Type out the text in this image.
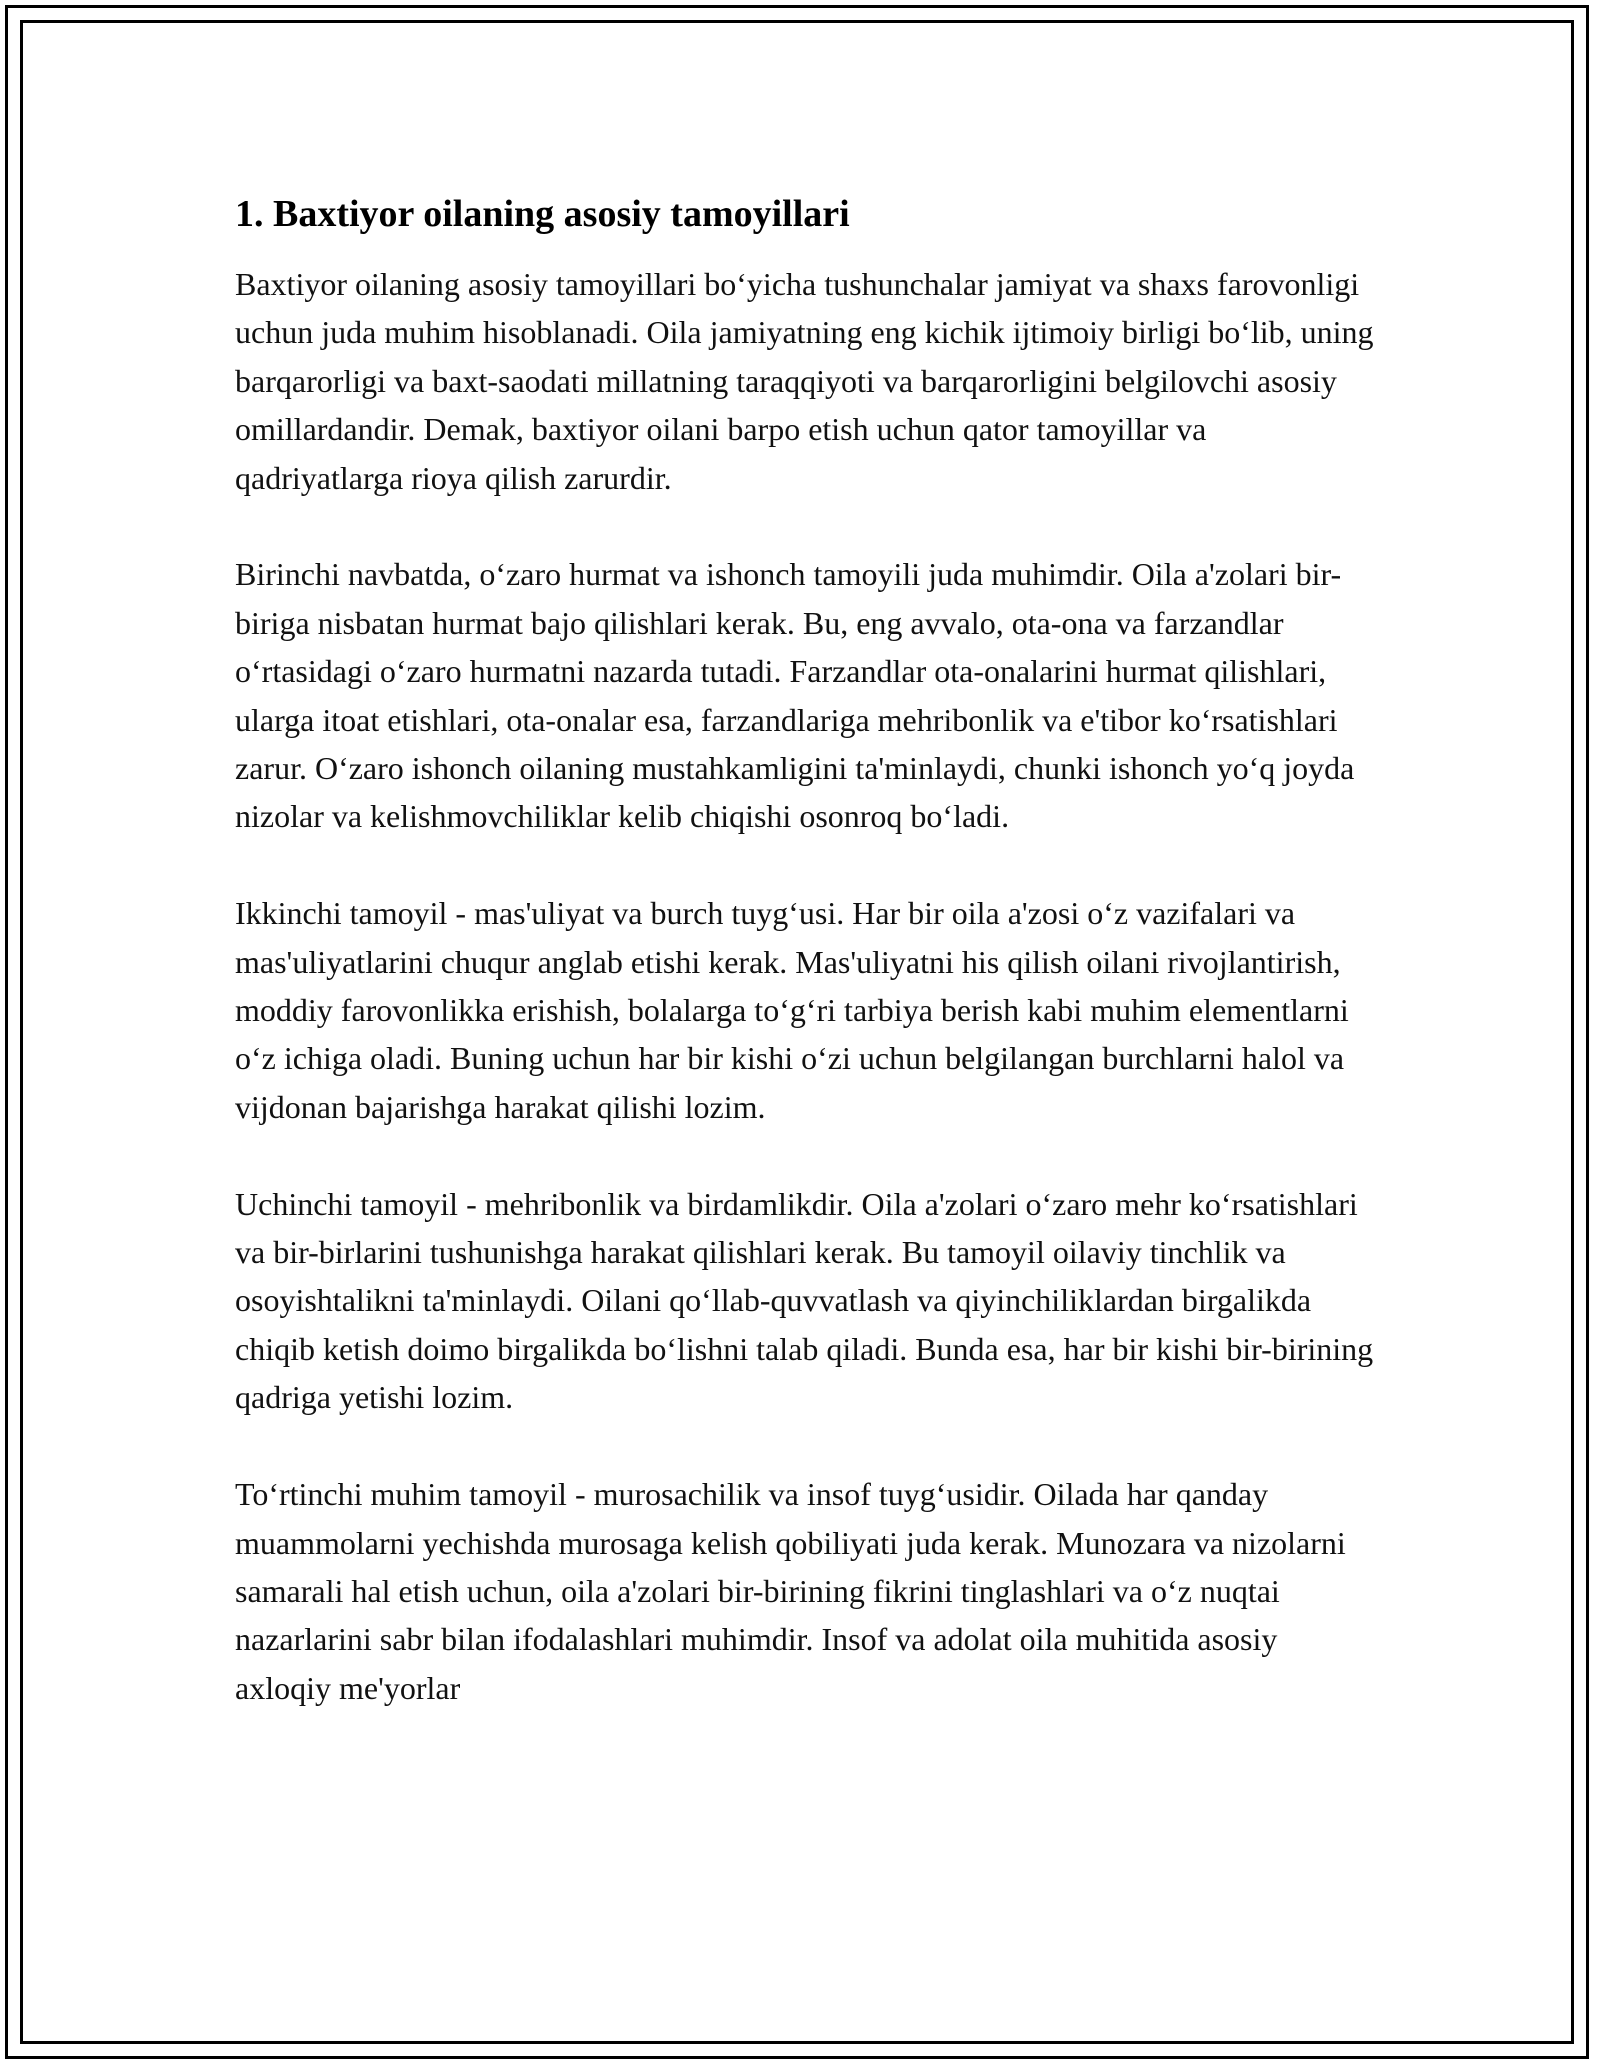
1. Baxtiyor oilaning asosiy tamoyillari

Baxtiyor oilaning asosiy tamoyillari bo‘yicha tushunchalar jamiyat va shaxs farovonligi uchun juda muhim hisoblanadi. Oila jamiyatning eng kichik ijtimoiy birligi bo‘lib, uning barqarorligi va baxt-saodati millatning taraqqiyoti va barqarorligini belgilovchi asosiy omillardandir. Demak, baxtiyor oilani barpo etish uchun qator tamoyillar va qadriyatlarga rioya qilish zarurdir.

Birinchi navbatda, o‘zaro hurmat va ishonch tamoyili juda muhimdir. Oila a'zolari bir-biriga nisbatan hurmat bajo qilishlari kerak. Bu, eng avvalo, ota-ona va farzandlar o‘rtasidagi o‘zaro hurmatni nazarda tutadi. Farzandlar ota-onalarini hurmat qilishlari, ularga itoat etishlari, ota-onalar esa, farzandlariga mehribonlik va e'tibor ko‘rsatishlari zarur. O‘zaro ishonch oilaning mustahkamligini ta'minlaydi, chunki ishonch yo‘q joyda nizolar va kelishmovchiliklar kelib chiqishi osonroq bo‘ladi.

Ikkinchi tamoyil - mas'uliyat va burch tuyg‘usi. Har bir oila a'zosi o‘z vazifalari va mas'uliyatlarini chuqur anglab etishi kerak. Mas'uliyatni his qilish oilani rivojlantirish, moddiy farovonlikka erishish, bolalarga to‘g‘ri tarbiya berish kabi muhim elementlarni o‘z ichiga oladi. Buning uchun har bir kishi o‘zi uchun belgilangan burchlarni halol va vijdonan bajarishga harakat qilishi lozim.

Uchinchi tamoyil - mehribonlik va birdamlikdir. Oila a'zolari o‘zaro mehr ko‘rsatishlari va bir-birlarini tushunishga harakat qilishlari kerak. Bu tamoyil oilaviy tinchlik va osoyishtalikni ta'minlaydi. Oilani qo‘llab-quvvatlash va qiyinchiliklardan birgalikda chiqib ketish doimo birgalikda bo‘lishni talab qiladi. Bunda esa, har bir kishi bir-birining qadriga yetishi lozim.

To‘rtinchi muhim tamoyil - murosachilik va insof tuyg‘usidir. Oilada har qanday muammolarni yechishda murosaga kelish qobiliyati juda kerak. Munozara va nizolarni samarali hal etish uchun, oila a'zolari bir-birining fikrini tinglashlari va o‘z nuqtai nazarlarini sabr bilan ifodalashlari muhimdir. Insof va adolat oila muhitida asosiy axloqiy me'yorlar
